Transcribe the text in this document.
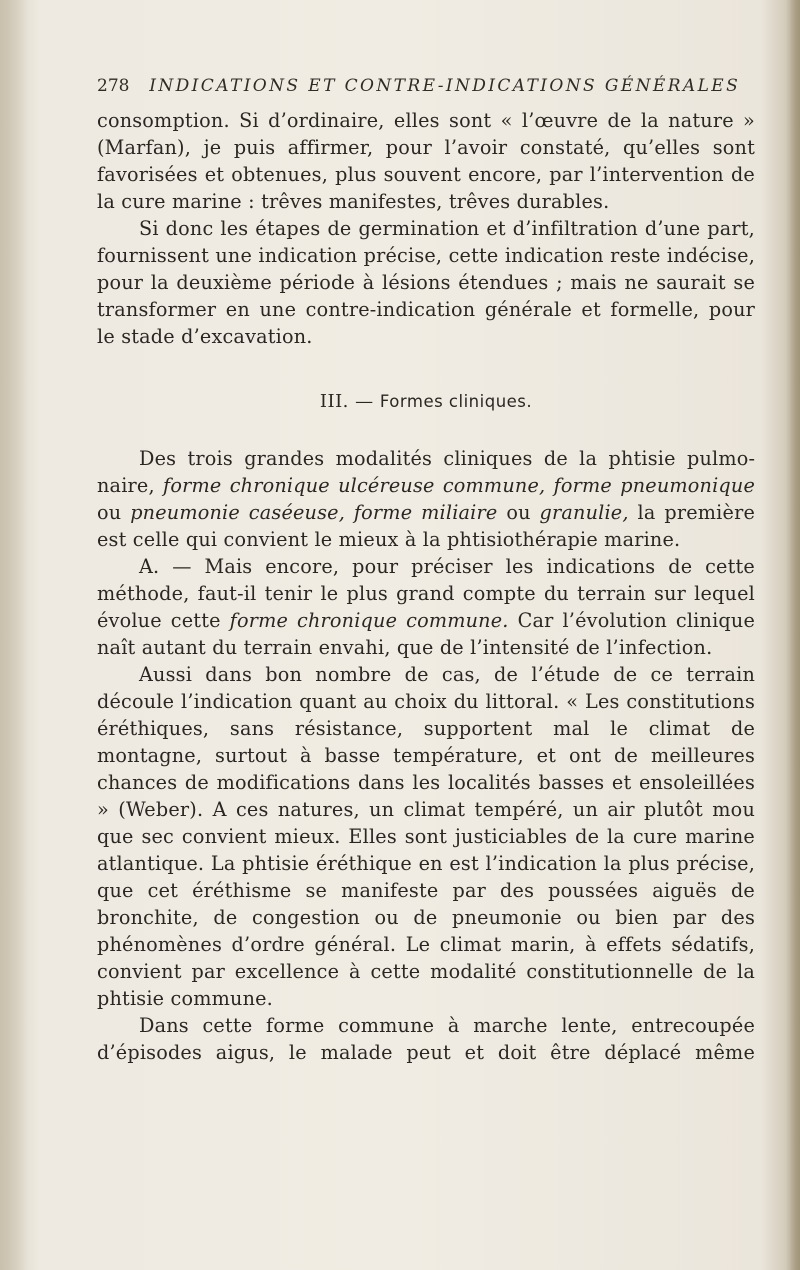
278 INDICATIONS ET CONTRE-INDICATIONS GÉNÉRALES

consomption. Si d’ordinaire, elles sont « l’œuvre de la nature » (Marfan), je puis affirmer, pour l’avoir constaté, qu’elles sont favorisées et obtenues, plus souvent encore, par l’intervention de la cure marine : trêves manifestes, trêves durables.

Si donc les étapes de germination et d’infiltration d’une part, fournissent une indication précise, cette indication reste indécise, pour la deuxième période à lésions étendues ; mais ne saurait se transformer en une contre-indication générale et formelle, pour le stade d’excavation.

III. — Formes cliniques.

Des trois grandes modalités cliniques de la phtisie pulmonaire, forme chronique ulcéreuse commune, forme pneumonique ou pneumonie caséeuse, forme miliaire ou granulie, la première est celle qui convient le mieux à la phtisiothérapie marine.

A. — Mais encore, pour préciser les indications de cette méthode, faut-il tenir le plus grand compte du terrain sur lequel évolue cette forme chronique commune. Car l’évolution clinique naît autant du terrain envahi, que de l’intensité de l’infection.

Aussi dans bon nombre de cas, de l’étude de ce terrain découle l’indication quant au choix du littoral. « Les constitutions éréthiques, sans résistance, supportent mal le climat de montagne, surtout à basse température, et ont de meilleures chances de modifications dans les localités basses et ensoleillées » (Weber). A ces natures, un climat tempéré, un air plutôt mou que sec convient mieux. Elles sont justiciables de la cure marine atlantique. La phtisie éréthique en est l’indication la plus précise, que cet éréthisme se manifeste par des poussées aiguës de bronchite, de congestion ou de pneumonie ou bien par des phénomènes d’ordre général. Le climat marin, à effets sédatifs, convient par excellence à cette modalité constitutionnelle de la phtisie commune.

Dans cette forme commune à marche lente, entrecoupée d’épisodes aigus, le malade peut et doit être déplacé même
